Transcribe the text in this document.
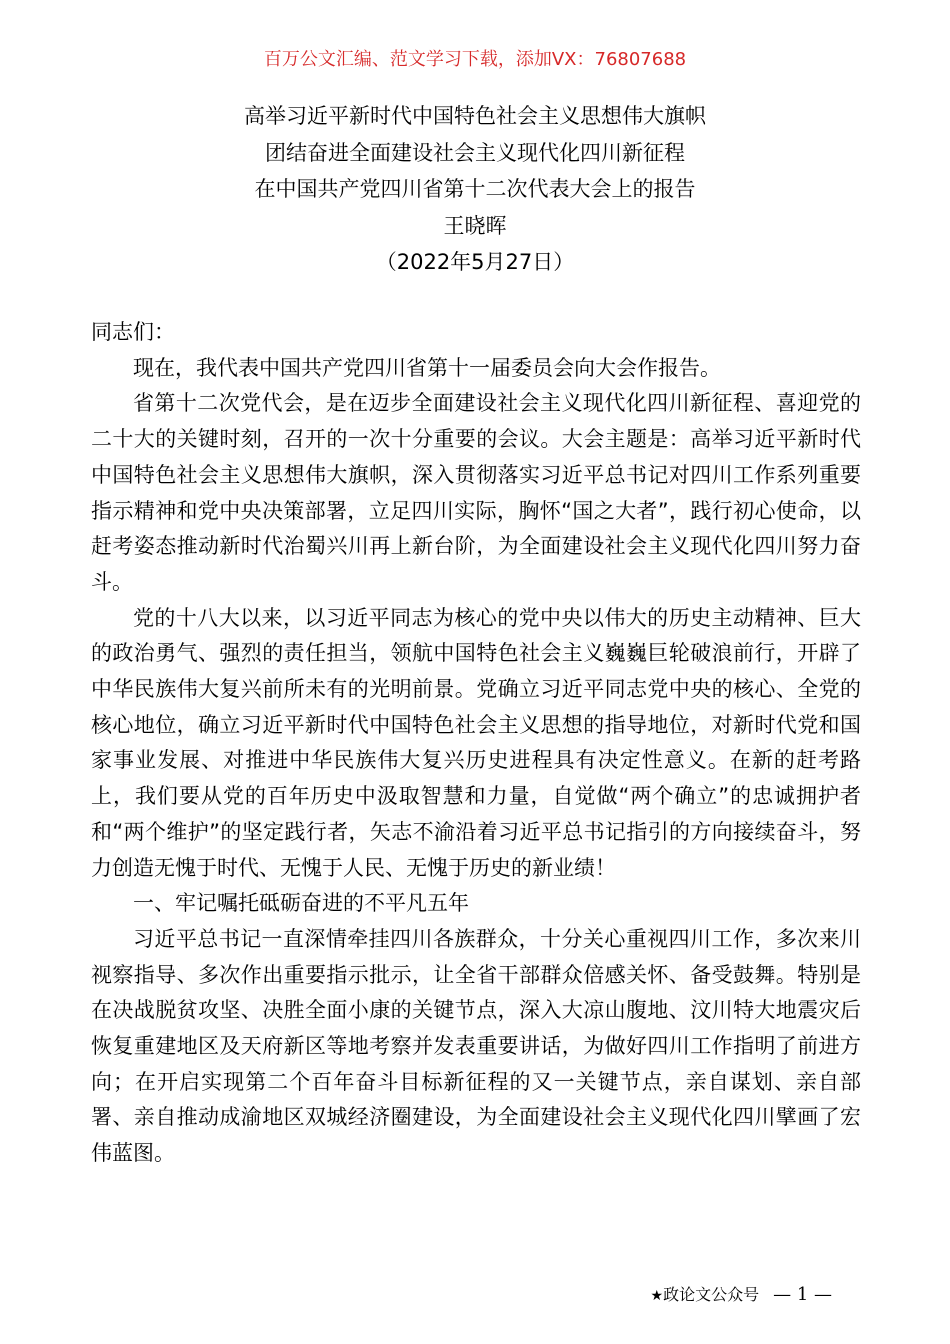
百万公文汇编、范文学习下载，添加VX：76807688
高举习近平新时代中国特色社会主义思想伟大旗帜
团结奋进全面建设社会主义现代化四川新征程
在中国共产党四川省第十二次代表大会上的报告
王晓晖
（2022年5月27日）

同志们：

现在，我代表中国共产党四川省第十一届委员会向大会作报告。

省第十二次党代会，是在迈步全面建设社会主义现代化四川新征程、喜迎党的二十大的关键时刻，召开的一次十分重要的会议。大会主题是：高举习近平新时代中国特色社会主义思想伟大旗帜，深入贯彻落实习近平总书记对四川工作系列重要指示精神和党中央决策部署，立足四川实际，胸怀“国之大者”，践行初心使命，以赶考姿态推动新时代治蜀兴川再上新台阶，为全面建设社会主义现代化四川努力奋斗。

党的十八大以来，以习近平同志为核心的党中央以伟大的历史主动精神、巨大的政治勇气、强烈的责任担当，领航中国特色社会主义巍巍巨轮破浪前行，开辟了中华民族伟大复兴前所未有的光明前景。党确立习近平同志党中央的核心、全党的核心地位，确立习近平新时代中国特色社会主义思想的指导地位，对新时代党和国家事业发展、对推进中华民族伟大复兴历史进程具有决定性意义。在新的赶考路上，我们要从党的百年历史中汲取智慧和力量，自觉做“两个确立”的忠诚拥护者和“两个维护”的坚定践行者，矢志不渝沿着习近平总书记指引的方向接续奋斗，努力创造无愧于时代、无愧于人民、无愧于历史的新业绩！

一、牢记嘱托砥砺奋进的不平凡五年

习近平总书记一直深情牵挂四川各族群众，十分关心重视四川工作，多次来川视察指导、多次作出重要指示批示，让全省干部群众倍感关怀、备受鼓舞。特别是在决战脱贫攻坚、决胜全面小康的关键节点，深入大凉山腹地、汶川特大地震灾后恢复重建地区及天府新区等地考察并发表重要讲话，为做好四川工作指明了前进方向；在开启实现第二个百年奋斗目标新征程的又一关键节点，亲自谋划、亲自部署、亲自推动成渝地区双城经济圈建设，为全面建设社会主义现代化四川擘画了宏伟蓝图。

★政论文公众号 — 1 —
